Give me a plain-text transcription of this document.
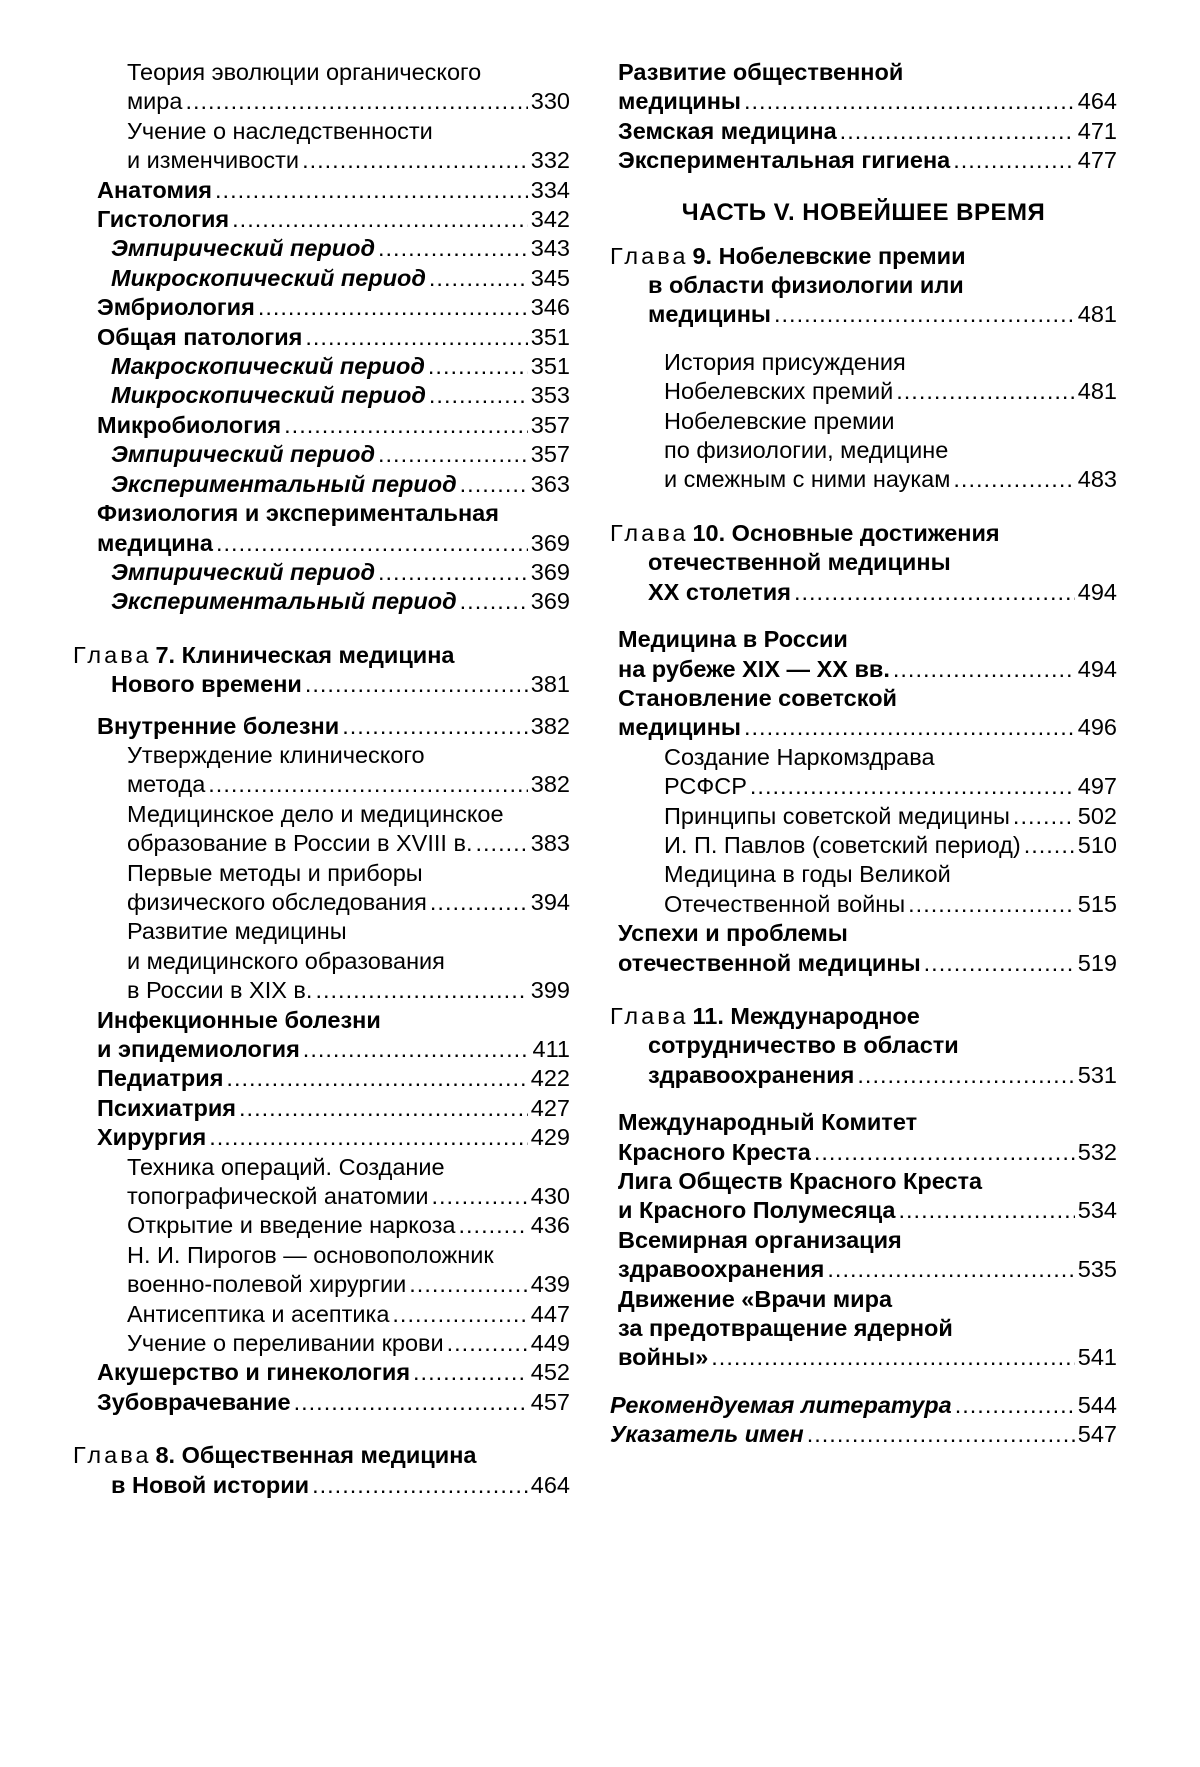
Теория эволюции органического
мира .....	330
Учение о наследственности
и изменчивости .....	332
Анатомия .....	334
Гистология .....	342
Эмпирический период .....	343
Микроскопический период .....	345
Эмбриология .....	346
Общая патология .....	351
Макроскопический период .....	351
Микроскопический период .....	353
Микробиология .....	357
Эмпирический период .....	357
Экспериментальный период .....	363
Физиология и экспериментальная
медицина .....	369
Эмпирический период .....	369
Экспериментальный период .....	369
Глава 7. Клиническая медицина
Нового времени .....	381
Внутренние болезни .....	382
Утверждение клинического
метода .....	382
Медицинское дело и медицинское
образование в России в XVIII в. ..... 383
Первые методы и приборы
физического обследования .....	394
Развитие медицины
и медицинского образования
в России в XIX в. .....	399
Инфекционные болезни
и эпидемиология .....	411
Педиатрия .....	422
Психиатрия .....	427
Хирургия .....	429
Техника операций. Создание
топографической анатомии .....	430
Открытие и введение наркоза .....	436
Н. И. Пирогов — основоположник
военно-полевой хирургии .....	439
Антисептика и асептика .....	447
Учение о переливании крови .....	449
Акушерство и гинекология .....	452
Зубоврачевание .....	457
Глава 8. Общественная медицина
в Новой истории .....	464
Развитие общественной
медицины .....	464
Земская медицина .....	471
Экспериментальная гигиена .....	477
ЧАСТЬ V. НОВЕЙШЕЕ ВРЕМЯ
Глава 9. Нобелевские премии
в области физиологии или
медицины .....	481
История присуждения
Нобелевских премий .....	481
Нобелевские премии
по физиологии, медицине
и смежным с ними наукам .....	483
Глава 10. Основные достижения
отечественной медицины
XX столетия .....	494
Медицина в России
на рубеже XIX — XX вв. .....	494
Становление советской
медицины .....	496
Создание Наркомздрава
РСФСР .....	497
Принципы советской медицины .....	502
И. П. Павлов (советский период) ..... 510
Медицина в годы Великой
Отечественной войны .....	515
Успехи и проблемы
отечественной медицины .....	519
Глава 11. Международное
сотрудничество в области
здравоохранения .....	531
Международный Комитет
Красного Креста .....	532
Лига Обществ Красного Креста
и Красного Полумесяца .....	534
Всемирная организация
здравоохранения .....	535
Движение «Врачи мира
за предотвращение ядерной
войны» .....	541
Рекомендуемая литература .....	544
Указатель имен .....	547
